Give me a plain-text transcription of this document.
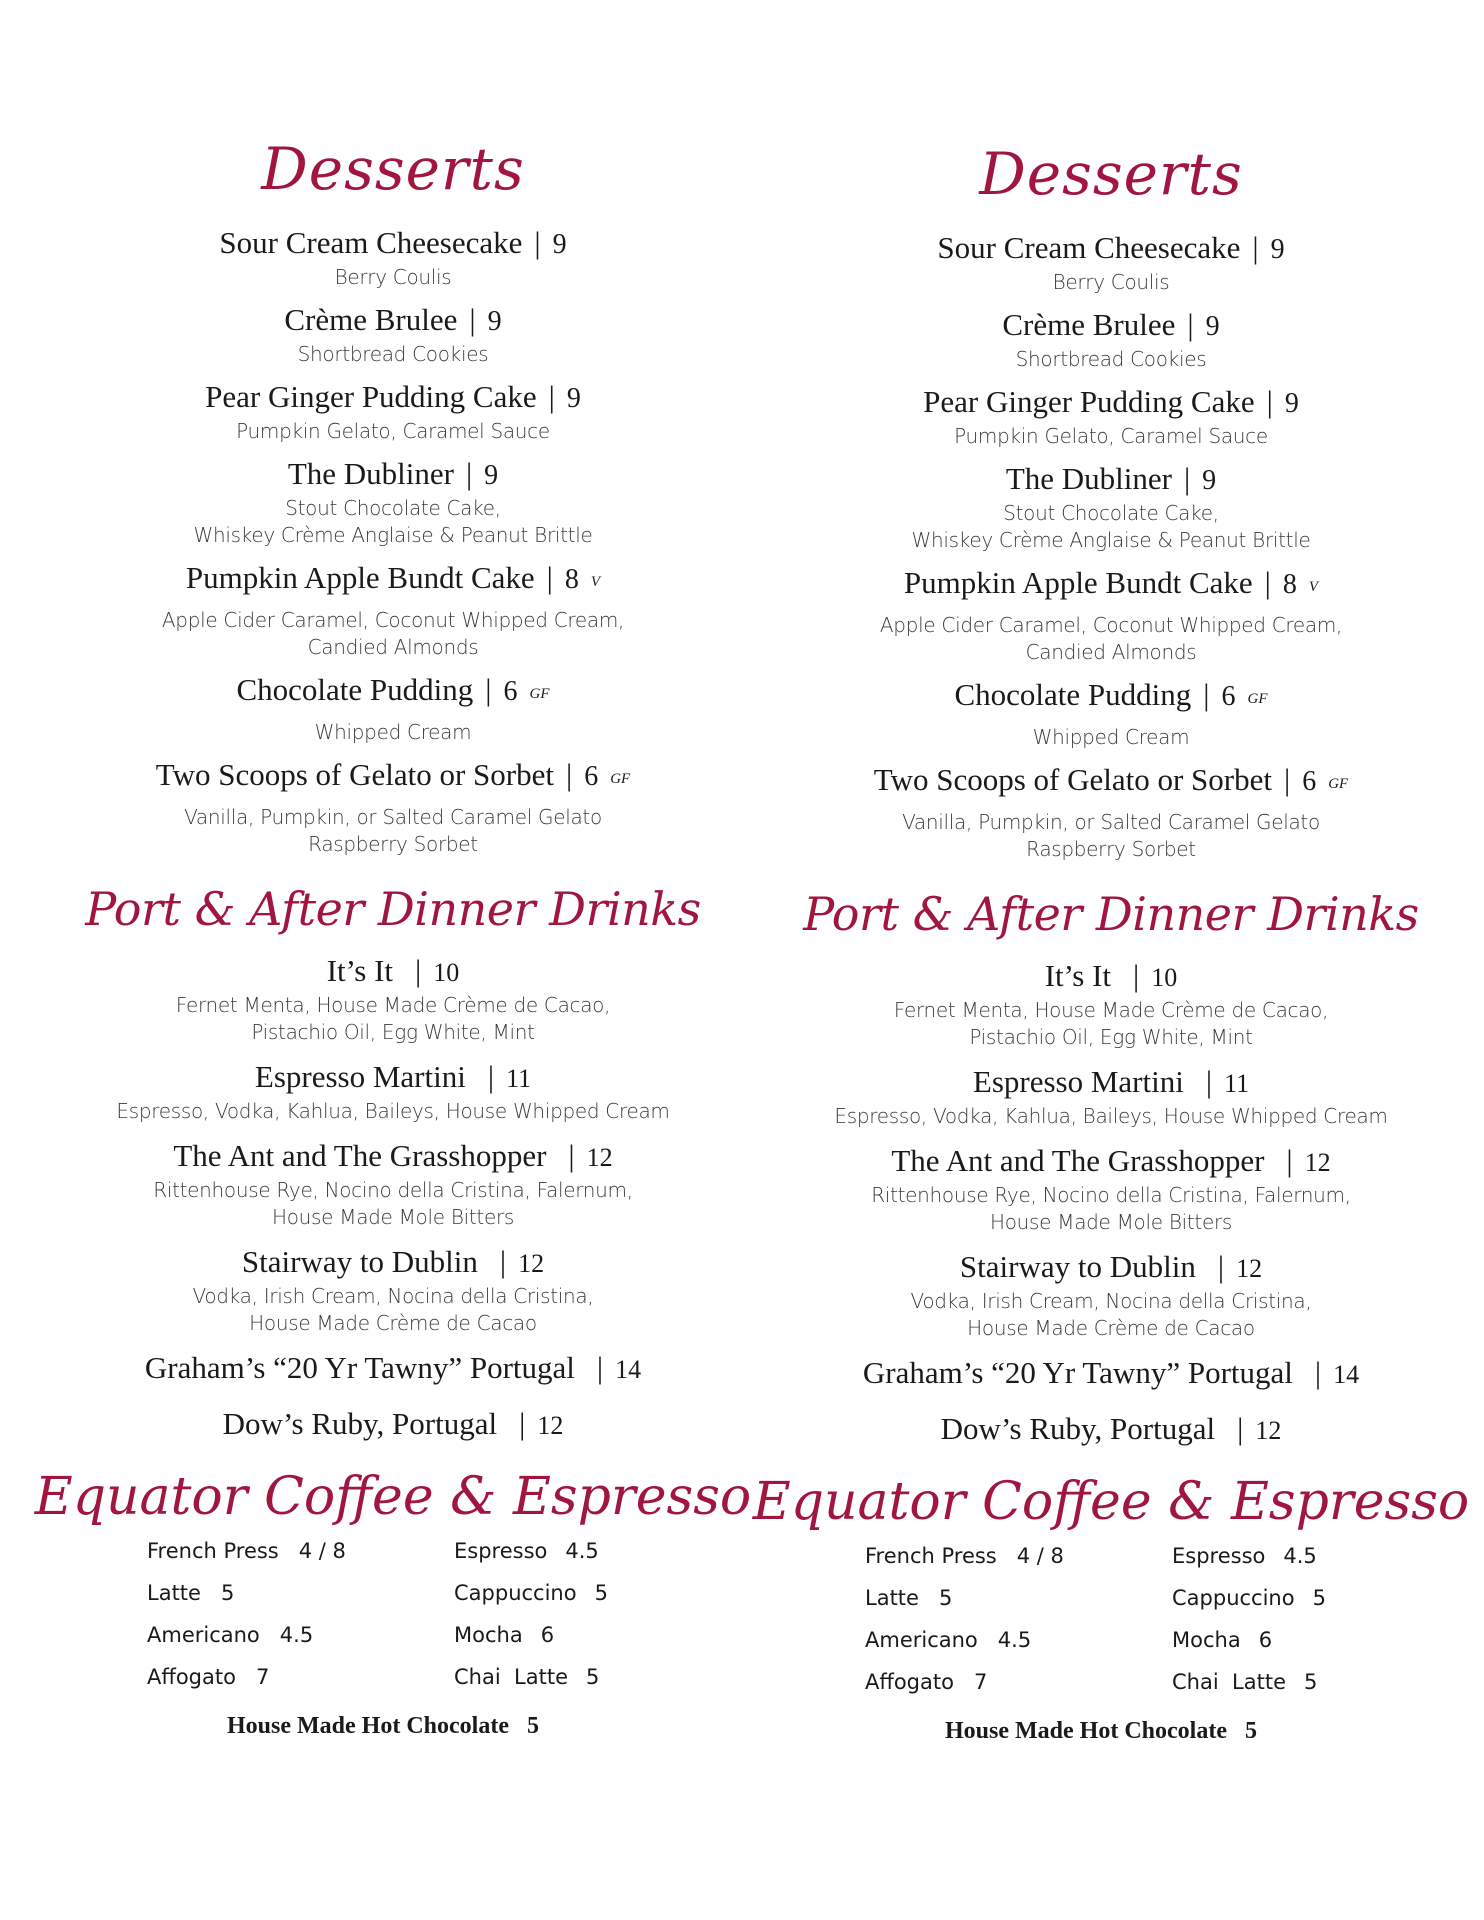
Desserts
Sour Cream Cheesecake | 9
Berry Coulis
Crème Brulee | 9
Shortbread Cookies
Pear Ginger Pudding Cake | 9
Pumpkin Gelato, Caramel Sauce
The Dubliner | 9
Stout Chocolate Cake,
Whiskey Crème Anglaise & Peanut Brittle
Pumpkin Apple Bundt Cake | 8 V
Apple Cider Caramel, Coconut Whipped Cream,
Candied Almonds
Chocolate Pudding | 6 GF
Whipped Cream
Two Scoops of Gelato or Sorbet | 6 GF
Vanilla, Pumpkin, or Salted Caramel Gelato
Raspberry Sorbet
Port & After Dinner Drinks
It’s It | 10
Fernet Menta, House Made Crème de Cacao,
Pistachio Oil, Egg White, Mint
Espresso Martini | 11
Espresso, Vodka, Kahlua, Baileys, House Whipped Cream
The Ant and The Grasshopper | 12
Rittenhouse Rye, Nocino della Cristina, Falernum,
House Made Mole Bitters
Stairway to Dublin | 12
Vodka, Irish Cream, Nocina della Cristina,
House Made Crème de Cacao
Graham’s “20 Yr Tawny” Portugal | 14
Dow’s Ruby, Portugal | 12
Equator Coffee & Espresso
French Press 4 / 8
Latte 5
Americano 4.5
Affogato 7
Espresso 4.5
Cappuccino 5
Mocha 6
Chai  Latte 5
House Made Hot Chocolate 5
Desserts
Sour Cream Cheesecake | 9
Berry Coulis
Crème Brulee | 9
Shortbread Cookies
Pear Ginger Pudding Cake | 9
Pumpkin Gelato, Caramel Sauce
The Dubliner | 9
Stout Chocolate Cake,
Whiskey Crème Anglaise & Peanut Brittle
Pumpkin Apple Bundt Cake | 8 V
Apple Cider Caramel, Coconut Whipped Cream,
Candied Almonds
Chocolate Pudding | 6 GF
Whipped Cream
Two Scoops of Gelato or Sorbet | 6 GF
Vanilla, Pumpkin, or Salted Caramel Gelato
Raspberry Sorbet
Port & After Dinner Drinks
It’s It | 10
Fernet Menta, House Made Crème de Cacao,
Pistachio Oil, Egg White, Mint
Espresso Martini | 11
Espresso, Vodka, Kahlua, Baileys, House Whipped Cream
The Ant and The Grasshopper | 12
Rittenhouse Rye, Nocino della Cristina, Falernum,
House Made Mole Bitters
Stairway to Dublin | 12
Vodka, Irish Cream, Nocina della Cristina,
House Made Crème de Cacao
Graham’s “20 Yr Tawny” Portugal | 14
Dow’s Ruby, Portugal | 12
Equator Coffee & Espresso
French Press 4 / 8
Latte 5
Americano 4.5
Affogato 7
Espresso 4.5
Cappuccino 5
Mocha 6
Chai  Latte 5
House Made Hot Chocolate 5
